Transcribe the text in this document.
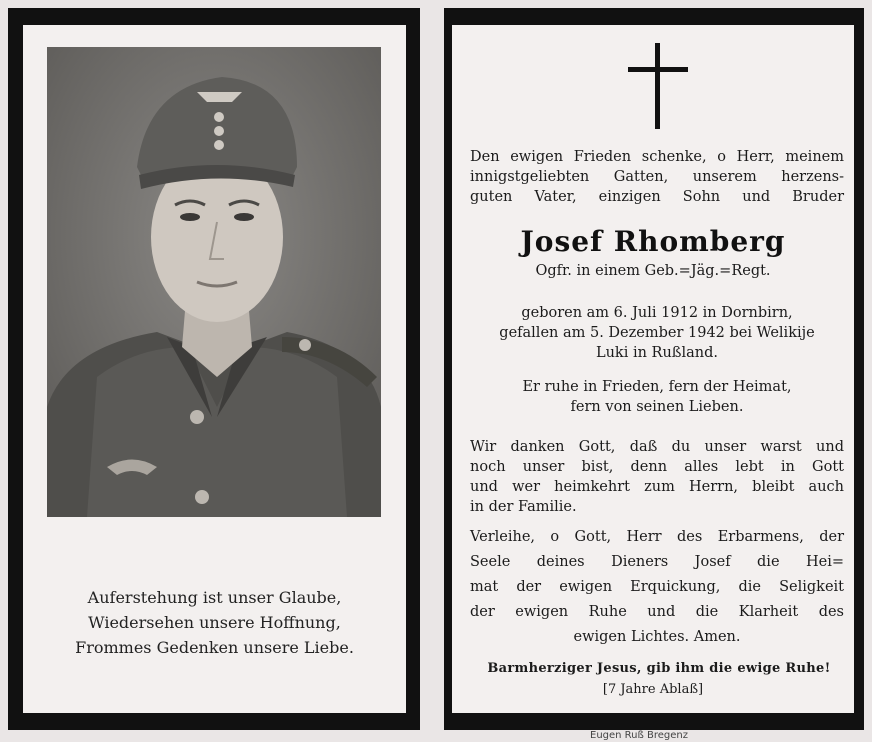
Auferstehung ist unser Glaube,
Wiedersehen unsere Hoffnung,
Frommes Gedenken unsere Liebe.
Den ewigen Frieden schenke, o Herr, meinem
innigstgeliebten Gatten, unserem herzens-
guten Vater, einzigen Sohn und Bruder
Josef Rhomberg
Ogfr. in einem Geb.=Jäg.=Regt.
geboren am 6. Juli 1912 in Dornbirn,
gefallen am 5. Dezember 1942 bei Welikije
Luki in Rußland.
Er ruhe in Frieden, fern der Heimat,
fern von seinen Lieben.
Wir danken Gott, daß du unser warst und
noch unser bist, denn alles lebt in Gott
und wer heimkehrt zum Herrn, bleibt auch
in der Familie.
Verleihe, o Gott, Herr des Erbarmens, der
Seele deines Dieners Josef die Hei=
mat der ewigen Erquickung, die Seligkeit
der ewigen Ruhe und die Klarheit des
ewigen Lichtes. Amen.
Barmherziger Jesus, gib ihm die ewige Ruhe!
[7 Jahre Ablaß]
Eugen Ruß Bregenz
